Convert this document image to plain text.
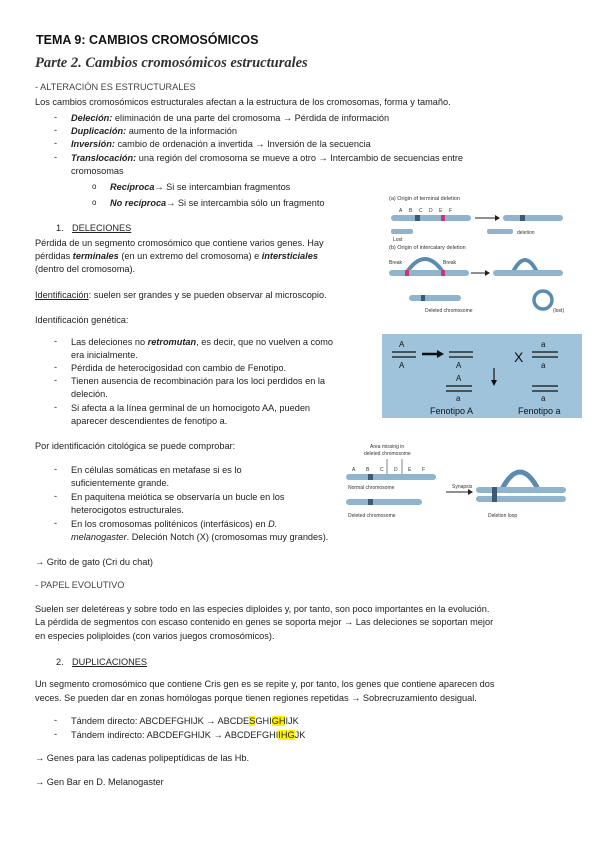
TEMA 9: CAMBIOS CROMOSÓMICOS
Parte 2. Cambios cromosómicos estructurales
- ALTERACIÓN ES ESTRUCTURALES
Los cambios cromosómicos estructurales afectan a la estructura de los cromosomas, forma y tamaño.
- Deleción: eliminación de una parte del cromosoma → Pérdida de información
- Duplicación: aumento de la información
- Inversión: cambio de ordenación a invertida → Inversión de la secuencia
- Translocación: una región del cromosoma se mueve a otro → Intercambio de secuencias entre
cromosomas
o Recíproca→ Si se intercambian fragmentos
o No recíproca→ Si se intercambia sólo un fragmento
1. DELECIONES
Pérdida de un segmento cromosómico que contiene varios genes. Hay
pérdidas terminales (en un extremo del cromosoma) e intersticiales
(dentro del cromosoma).
Identificación: suelen ser grandes y se pueden observar al microscopio.
Identificación genética:
- Las deleciones no retromutan, es decir, que no vuelven a como
era inicialmente.
- Pérdida de heterocigosidad con cambio de Fenotipo.
- Tienen ausencia de recombinación para los loci perdidos en la
deleción.
- Si afecta a la línea germinal de un homocigoto AA, pueden
aparecer descendientes de fenotipo a.
Por identificación citológica se puede comprobar:
- En células somáticas en metafase si es lo
suficientemente grande.
- En paquitena meiótica se observaría un bucle en los
heterocigotos estructurales.
- En los cromosomas politénicos (interfásicos) en D.
melanogaster. Deleción Notch (X) (cromosomas muy grandes).
→ Grito de gato (Cri du chat)
- PAPEL EVOLUTIVO
Suelen ser deletéreas y sobre todo en las especies diploides y, por tanto, son poco importantes en la evolución.
La pérdida de segmentos con escaso contenido en genes se soporta mejor → Las deleciones se soportan mejor
en especies poliploides (con varios juegos cromosómicos).
2. DUPLICACIONES
Un segmento cromosómico que contiene Cris gen es se repite y, por tanto, los genes que contiene aparecen dos
veces. Se pueden dar en zonas homólogas porque tienen regiones repetidas → Sobrecruzamiento desigual.
- Tándem directo: ABCDEFGHIJK → ABCDESGHIGHIJK
- Tándem indirecto: ABCDEFGHIJK → ABCDEFGHIIHGJK
→ Genes para las cadenas polipeptídicas de las Hb.
→ Gen Bar en D. Melanogaster
(a) Origin of terminal deletion
A B C D E F
Lost
deletion
(b) Origin of intercalary deletion
Break	Break
Deleted chromosome	(lost)
A
A	A
X
a
a
A
a	a
Fenotipo A	Fenotipo a
Area missing in
deleted chromosome
A B C D E F
Normal chromosome
Deleted chromosome
Synapsis
Deletion loop
